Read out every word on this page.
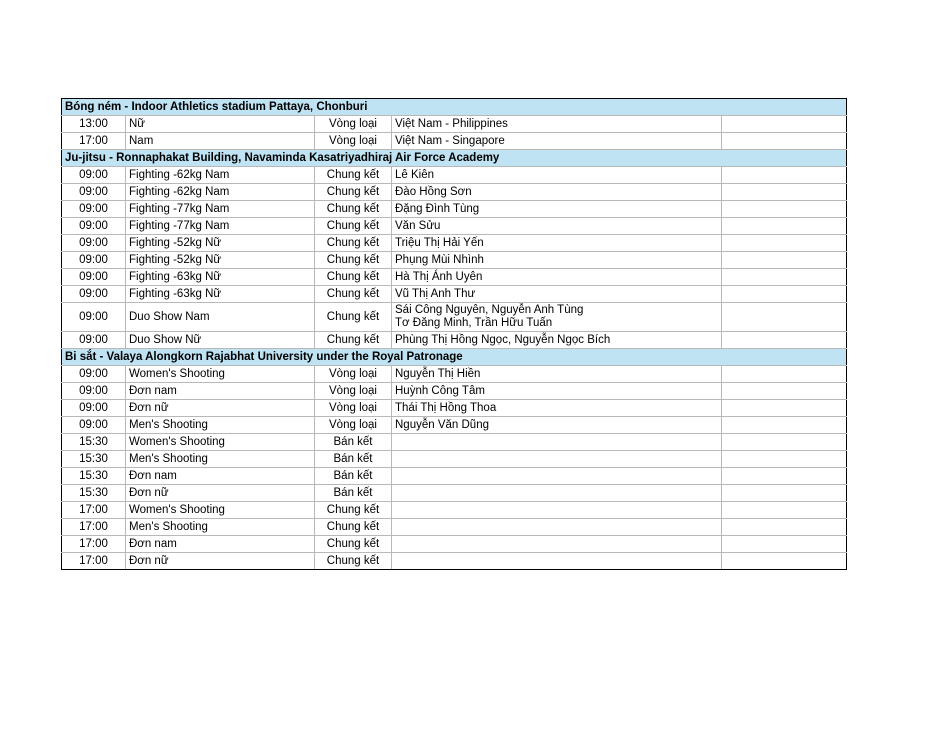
Bóng ném - Indoor Athletics stadium Pattaya, Chonburi				
13:00	Nữ	Vòng loại	Việt Nam - Philippines	

17:00	Nam	Vòng loại	Việt Nam - Singapore	

Ju-jitsu - Ronnaphakat Building, Navaminda Kasatriyadhiraj Air Force Academy				
09:00	Fighting -62kg Nam	Chung kết	Lê Kiên	

09:00	Fighting -62kg Nam	Chung kết	Đào Hồng Sơn	

09:00	Fighting -77kg Nam	Chung kết	Đặng Đình Tùng	

09:00	Fighting -77kg Nam	Chung kết	Văn Sửu	

09:00	Fighting -52kg Nữ	Chung kết	Triệu Thị Hải Yến	

09:00	Fighting -52kg Nữ	Chung kết	Phụng Mùi Nhình	

09:00	Fighting -63kg Nữ	Chung kết	Hà Thị Ánh Uyên	

09:00	Fighting -63kg Nữ	Chung kết	Vũ Thị Anh Thư	

09:00	Duo Show Nam	Chung kết	Sái Công Nguyên, Nguyễn Anh Tùng
Tơ Đăng Minh, Trần Hữu Tuấn	

09:00	Duo Show Nữ	Chung kết	Phùng Thị Hồng Ngọc, Nguyễn Ngọc Bích	

Bi sắt - Valaya Alongkorn Rajabhat University under the Royal Patronage				
09:00	Women's Shooting	Vòng loại	Nguyễn Thị Hiền	

09:00	Đơn nam	Vòng loại	Huỳnh Công Tâm	

09:00	Đơn nữ	Vòng loại	Thái Thị Hồng Thoa	

09:00	Men's Shooting	Vòng loại	Nguyễn Văn Dũng	

15:30	Women's Shooting	Bán kết		
15:30	Men's Shooting	Bán kết		
15:30	Đơn nam	Bán kết		
15:30	Đơn nữ	Bán kết		
17:00	Women's Shooting	Chung kết		
17:00	Men's Shooting	Chung kết		
17:00	Đơn nam	Chung kết		
17:00	Đơn nữ	Chung kết		
